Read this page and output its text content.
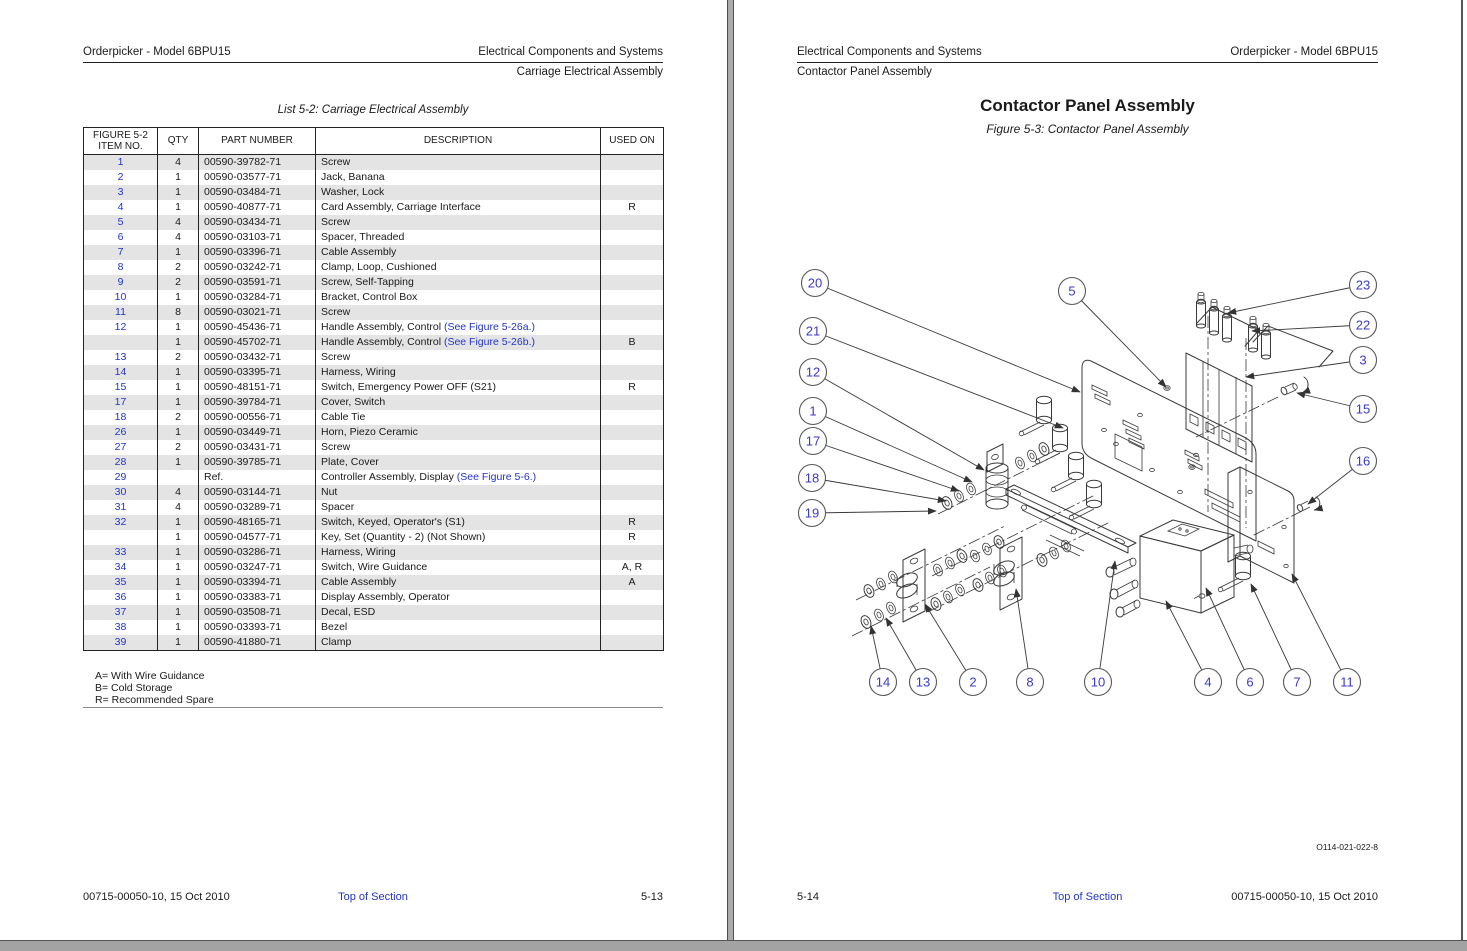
Orderpicker - Model 6BPU15	Electrical Components and Systems
Carriage Electrical Assembly
List 5-2: Carriage Electrical Assembly
FIGURE 5-2
ITEM NO.	QTY	PART NUMBER	DESCRIPTION	USED ON
1	4	00590-39782-71	Screw	
2	1	00590-03577-71	Jack, Banana	
3	1	00590-03484-71	Washer, Lock	
4	1	00590-40877-71	Card Assembly, Carriage Interface	R
5	4	00590-03434-71	Screw	
6	4	00590-03103-71	Spacer, Threaded	
7	1	00590-03396-71	Cable Assembly	
8	2	00590-03242-71	Clamp, Loop, Cushioned	
9	2	00590-03591-71	Screw, Self-Tapping	
10	1	00590-03284-71	Bracket, Control Box	
11	8	00590-03021-71	Screw	
12	1	00590-45436-71	Handle Assembly, Control (See Figure 5-26a.)	
	1	00590-45702-71	Handle Assembly, Control (See Figure 5-26b.)	B
13	2	00590-03432-71	Screw	
14	1	00590-03395-71	Harness, Wiring	
15	1	00590-48151-71	Switch, Emergency Power OFF (S21)	R
17	1	00590-39784-71	Cover, Switch	
18	2	00590-00556-71	Cable Tie	
26	1	00590-03449-71	Horn, Piezo Ceramic	
27	2	00590-03431-71	Screw	
28	1	00590-39785-71	Plate, Cover	
29		Ref.	Controller Assembly, Display (See Figure 5-6.)	
30	4	00590-03144-71	Nut	
31	4	00590-03289-71	Spacer	
32	1	00590-48165-71	Switch, Keyed, Operator's (S1)	R
	1	00590-04577-71	Key, Set (Quantity - 2) (Not Shown)	R
33	1	00590-03286-71	Harness, Wiring	
34	1	00590-03247-71	Switch, Wire Guidance	A, R
35	1	00590-03394-71	Cable Assembly	A
36	1	00590-03383-71	Display Assembly, Operator	
37	1	00590-03508-71	Decal, ESD	
38	1	00590-03393-71	Bezel	
39	1	00590-41880-71	Clamp	
A= With Wire Guidance
B= Cold Storage
R= Recommended Spare
00715-00050-10, 15 Oct 2010	Top of Section	5-13
Electrical Components and Systems	Orderpicker - Model 6BPU15
Contactor Panel Assembly
Contactor Panel Assembly
Figure 5-3: Contactor Panel Assembly
20
21
12
1
17
18
19
5	23
22
3
15
16
14 13	2	8	10	4	6	7	11
O114-021-022-8
5-14	Top of Section	00715-00050-10, 15 Oct 2010
